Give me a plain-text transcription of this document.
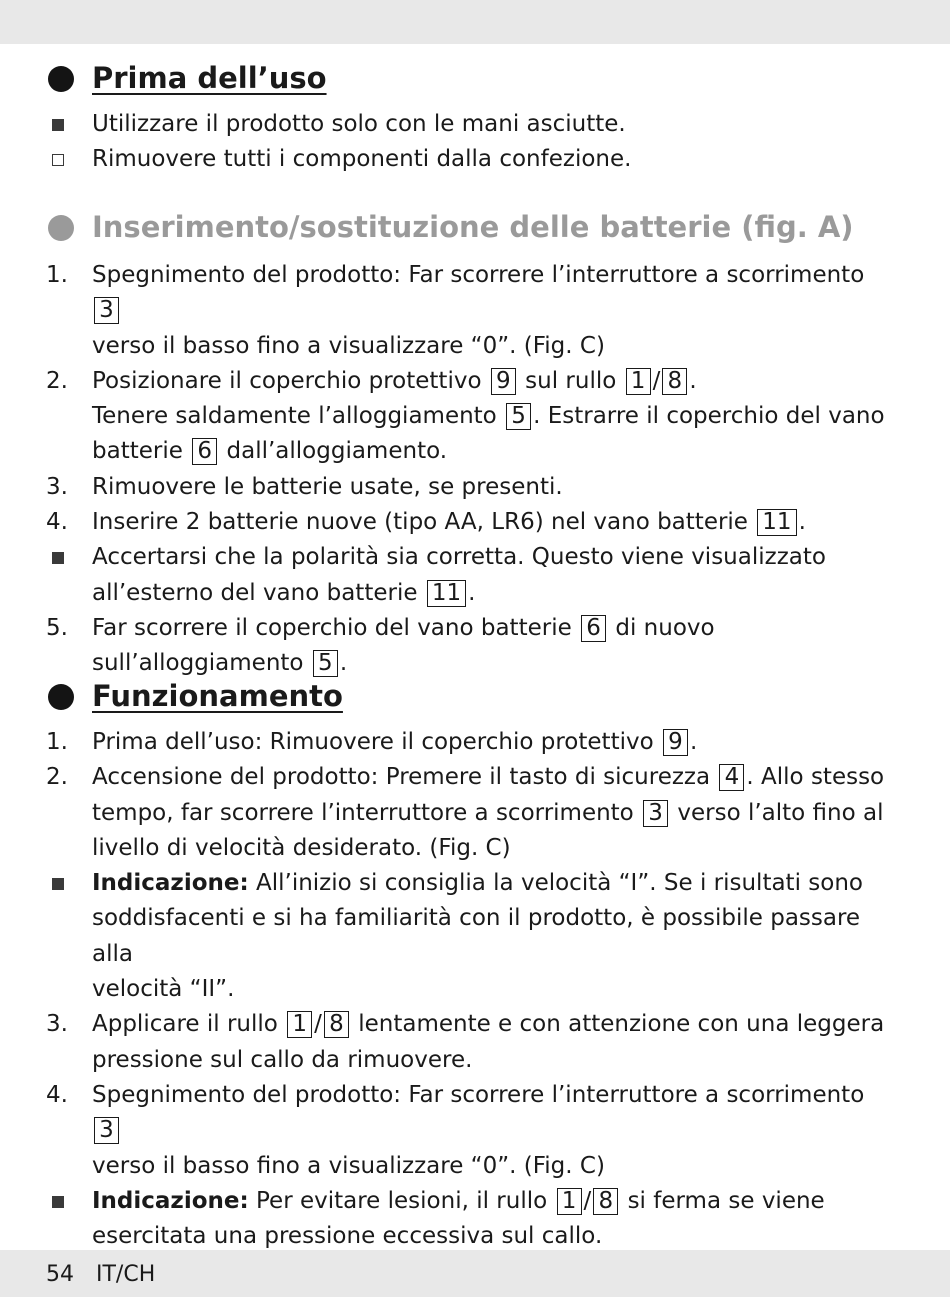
Prima dell’uso
Utilizzare il prodotto solo con le mani asciutte.
Rimuovere tutti i componenti dalla confezione.
Inserimento/sostituzione delle batterie (fig. A)
1.	Spegnimento del prodotto: Far scorrere l’interruttore a scorrimento 3
verso il basso fino a visualizzare “0”. (Fig. C)
2.	Posizionare il coperchio protettivo 9 sul rullo 1 / 8 .
Tenere saldamente l’alloggiamento 5 . Estrarre il coperchio del vano
batterie 6 dall’alloggiamento.
3.	Rimuovere le batterie usate, se presenti.
4.	Inserire 2 batterie nuove (tipo AA, LR6) nel vano batterie 11 .
Accertarsi che la polarità sia corretta. Questo viene visualizzato
all’esterno del vano batterie 11 .
5.	Far scorrere il coperchio del vano batterie 6 di nuovo
sull’alloggiamento 5 .
Funzionamento
1.	Prima dell’uso: Rimuovere il coperchio protettivo 9 .
2.	Accensione del prodotto: Premere il tasto di sicurezza 4 . Allo stesso
tempo, far scorrere l’interruttore a scorrimento 3 verso l’alto fino al
livello di velocità desiderato. (Fig. C)
Indicazione: All’inizio si consiglia la velocità “I”. Se i risultati sono
soddisfacenti e si ha familiarità con il prodotto, è possibile passare alla
velocità “II”.
3.	Applicare il rullo 1 / 8 lentamente e con attenzione con una leggera
pressione sul callo da rimuovere.
4.	Spegnimento del prodotto: Far scorrere l’interruttore a scorrimento 3
verso il basso fino a visualizzare “0”. (Fig. C)
Indicazione: Per evitare lesioni, il rullo 1 / 8 si ferma se viene
esercitata una pressione eccessiva sul callo.
54 IT/CH
